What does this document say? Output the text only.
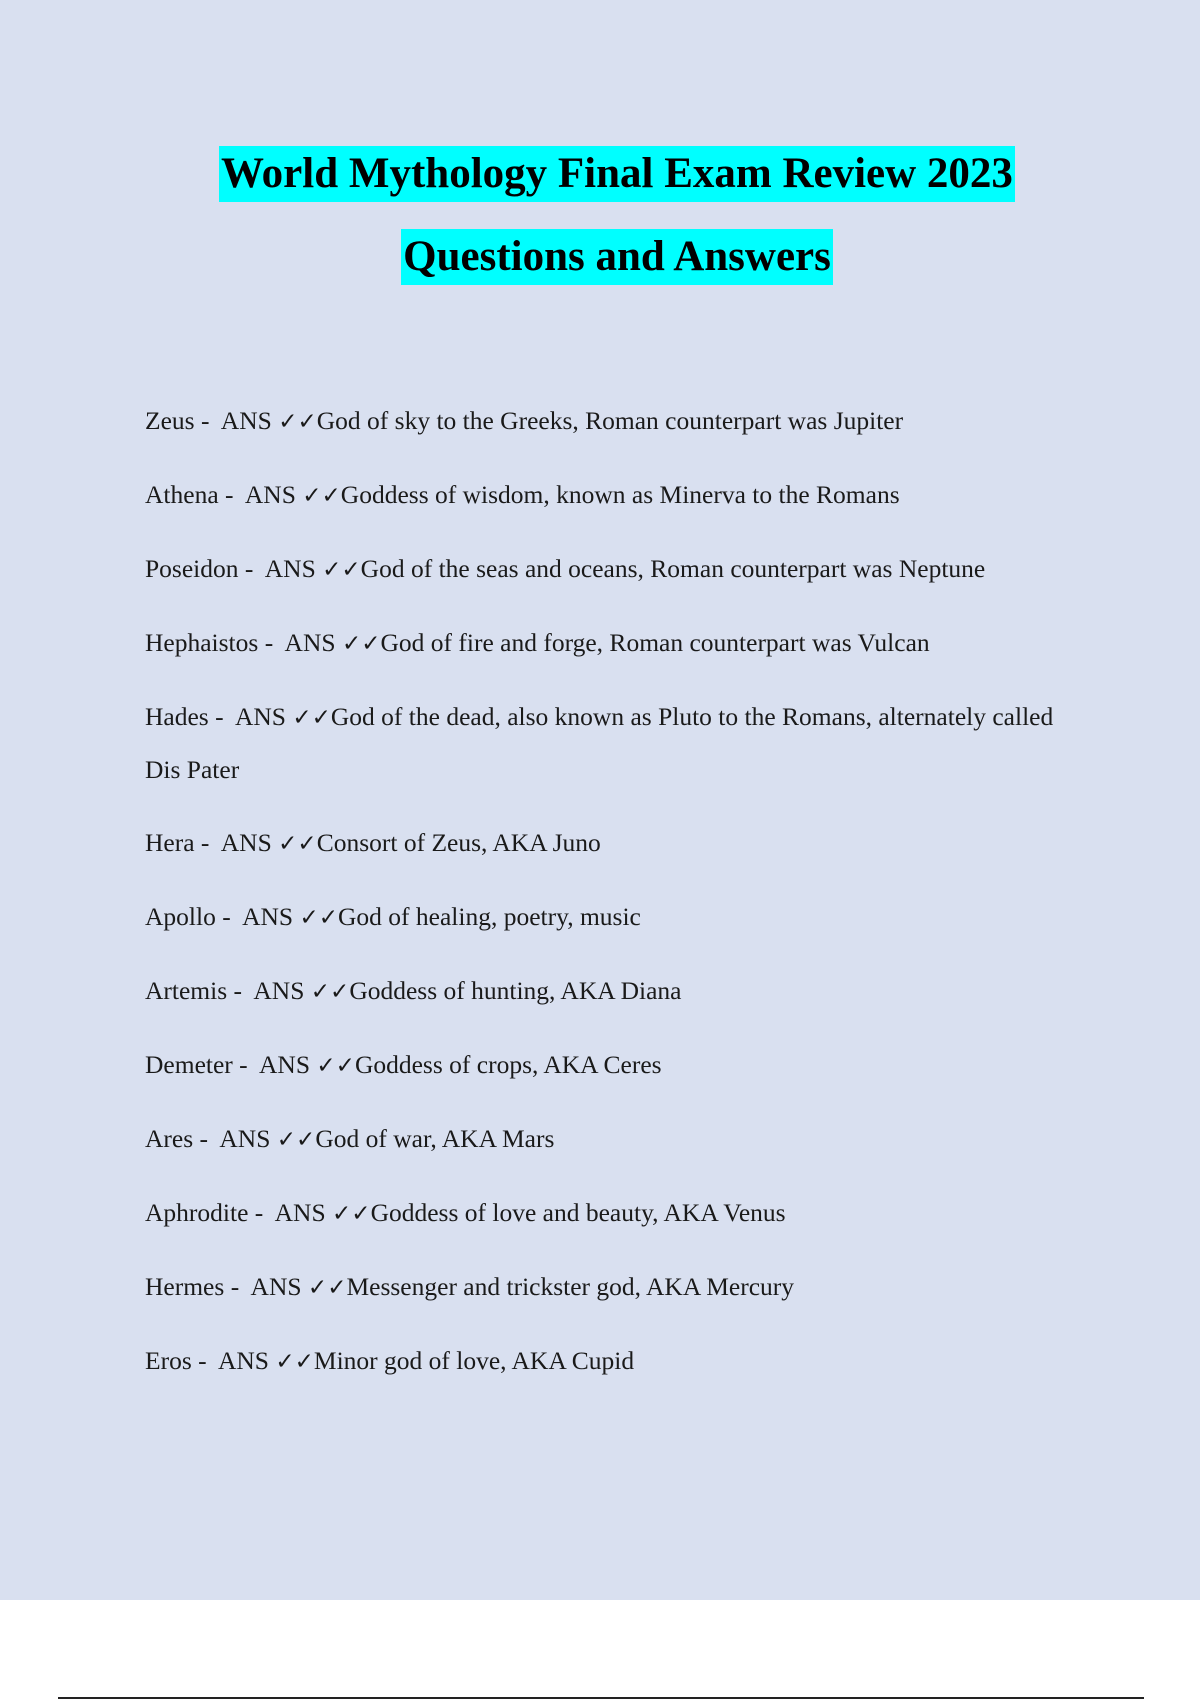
World Mythology Final Exam Review 2023
Questions and Answers
Zeus -  ANS ✓✓God of sky to the Greeks, Roman counterpart was Jupiter
Athena -  ANS ✓✓Goddess of wisdom, known as Minerva to the Romans
Poseidon -  ANS ✓✓God of the seas and oceans, Roman counterpart was Neptune
Hephaistos -  ANS ✓✓God of fire and forge, Roman counterpart was Vulcan
Hades -  ANS ✓✓God of the dead, also known as Pluto to the Romans, alternately called Dis Pater
Hera -  ANS ✓✓Consort of Zeus, AKA Juno
Apollo -  ANS ✓✓God of healing, poetry, music
Artemis -  ANS ✓✓Goddess of hunting, AKA Diana
Demeter -  ANS ✓✓Goddess of crops, AKA Ceres
Ares -  ANS ✓✓God of war, AKA Mars
Aphrodite -  ANS ✓✓Goddess of love and beauty, AKA Venus
Hermes -  ANS ✓✓Messenger and trickster god, AKA Mercury
Eros -  ANS ✓✓Minor god of love, AKA Cupid
